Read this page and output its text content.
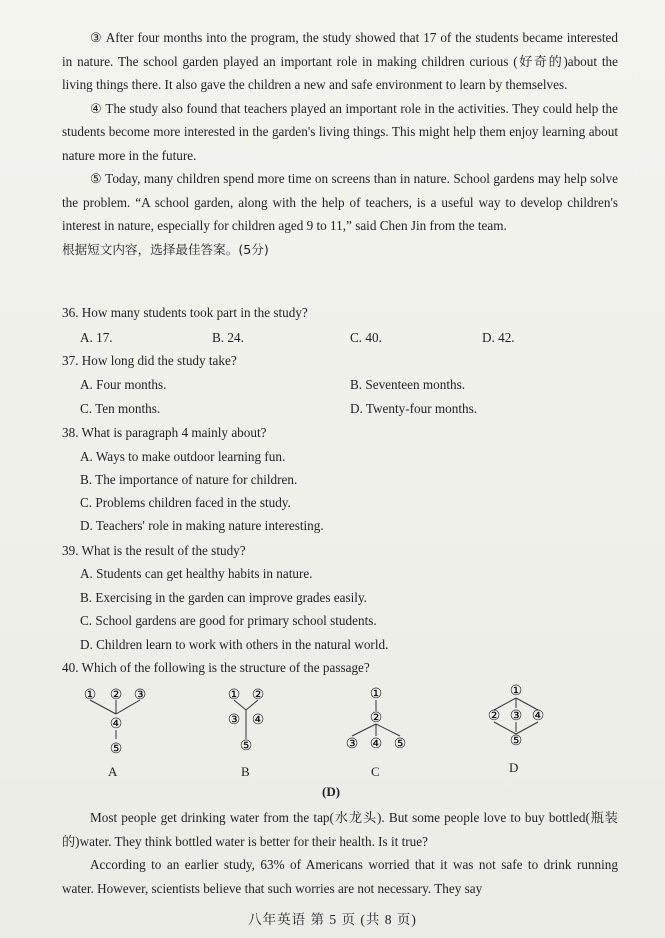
③ After four months into the program, the study showed that 17 of the students became interested in nature. The school garden played an important role in making children curious (好奇的)about the living things there. It also gave the children a new and safe environment to learn by themselves.

④ The study also found that teachers played an important role in the activities. They could help the students become more interested in the garden's living things. This might help them enjoy learning about nature more in the future.

⑤ Today, many children spend more time on screens than in nature. School gardens may help solve the problem. “A school garden, along with the help of teachers, is a useful way to develop children's interest in nature, especially for children aged 9 to 11,” said Chen Jin from the team.

根据短文内容，选择最佳答案。(5分)

36. How many students took part in the study?
A. 17.	B. 24.	C. 40.	D. 42.
37. How long did the study take?
A. Four months.	B. Seventeen months.
C. Ten months.	D. Twenty-four months.
38. What is paragraph 4 mainly about?
A. Ways to make outdoor learning fun.
B. The importance of nature for children.
C. Problems children faced in the study.
D. Teachers' role in making nature interesting.
39. What is the result of the study?
A. Students can get healthy habits in nature.
B. Exercising in the garden can improve grades easily.
C. School gardens are good for primary school students.
D. Children learn to work with others in the natural world.
40. Which of the following is the structure of the passage?
① ② ③
④
⑤
A
① ②
③ ④
⑤
B
①
②
③ ④ ⑤
C
①
② ③ ④
⑤
D
(D)

Most people get drinking water from the tap(水龙头). But some people love to buy bottled(瓶装的)water. They think bottled water is better for their health. Is it true?

According to an earlier study, 63% of Americans worried that it was not safe to drink running water. However, scientists believe that such worries are not necessary. They say

八年英语 第 5 页 (共 8 页)
